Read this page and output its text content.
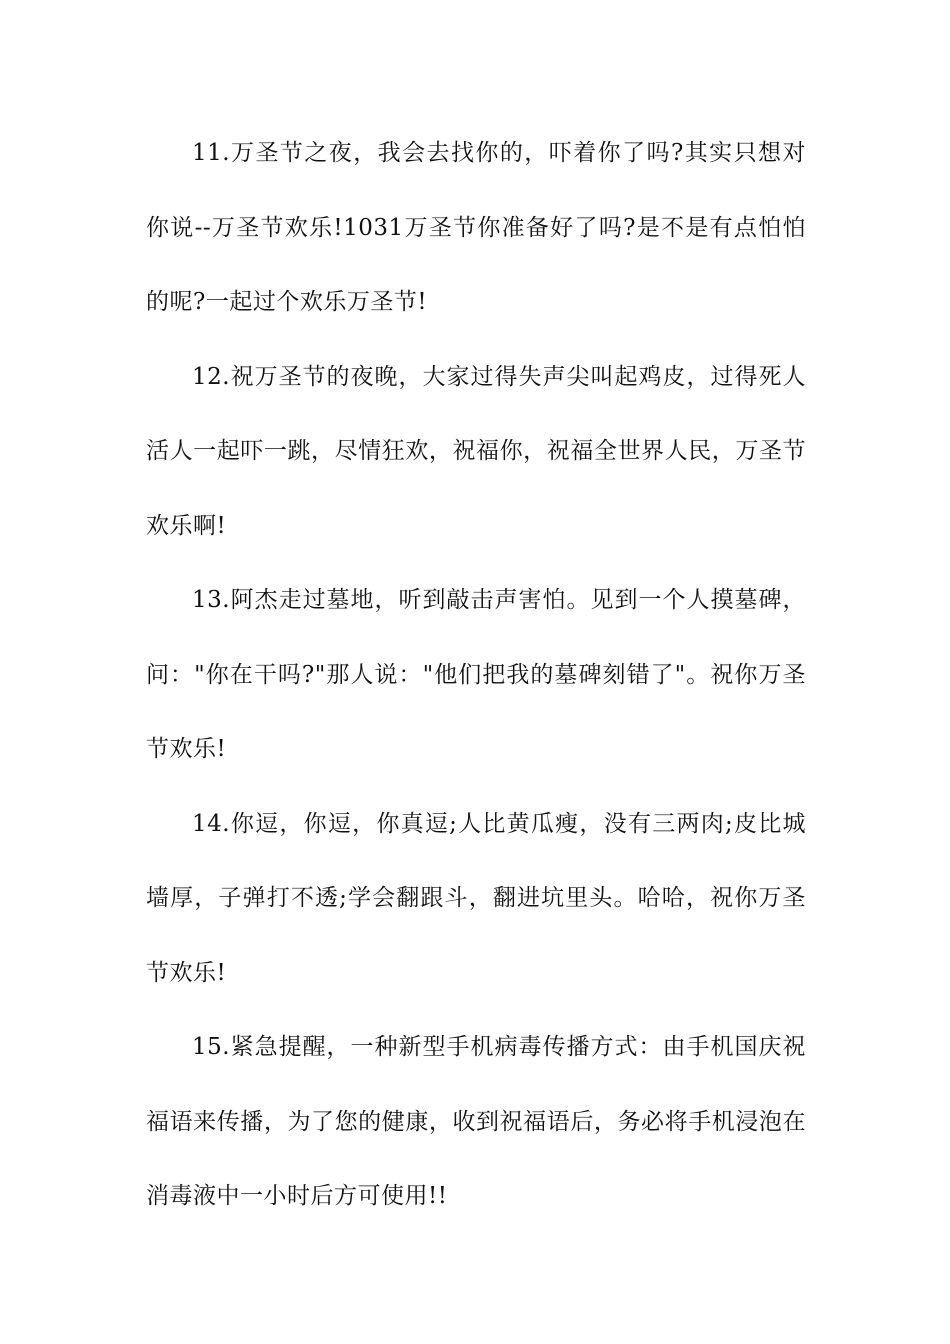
11.万圣节之夜，我会去找你的，吓着你了吗?其实只想对你说--万圣节欢乐!1031万圣节你准备好了吗?是不是有点怕怕的呢?一起过个欢乐万圣节!

12.祝万圣节的夜晚，大家过得失声尖叫起鸡皮，过得死人活人一起吓一跳，尽情狂欢，祝福你，祝福全世界人民，万圣节欢乐啊!

13.阿杰走过墓地，听到敲击声害怕。见到一个人摸墓碑，问："你在干吗?"那人说："他们把我的墓碑刻错了"。祝你万圣节欢乐!

14.你逗，你逗，你真逗;人比黄瓜瘦，没有三两肉;皮比城墙厚，子弹打不透;学会翻跟斗，翻进坑里头。哈哈，祝你万圣节欢乐!

15.紧急提醒，一种新型手机病毒传播方式：由手机国庆祝福语来传播，为了您的健康，收到祝福语后，务必将手机浸泡在消毒液中一小时后方可使用!!
